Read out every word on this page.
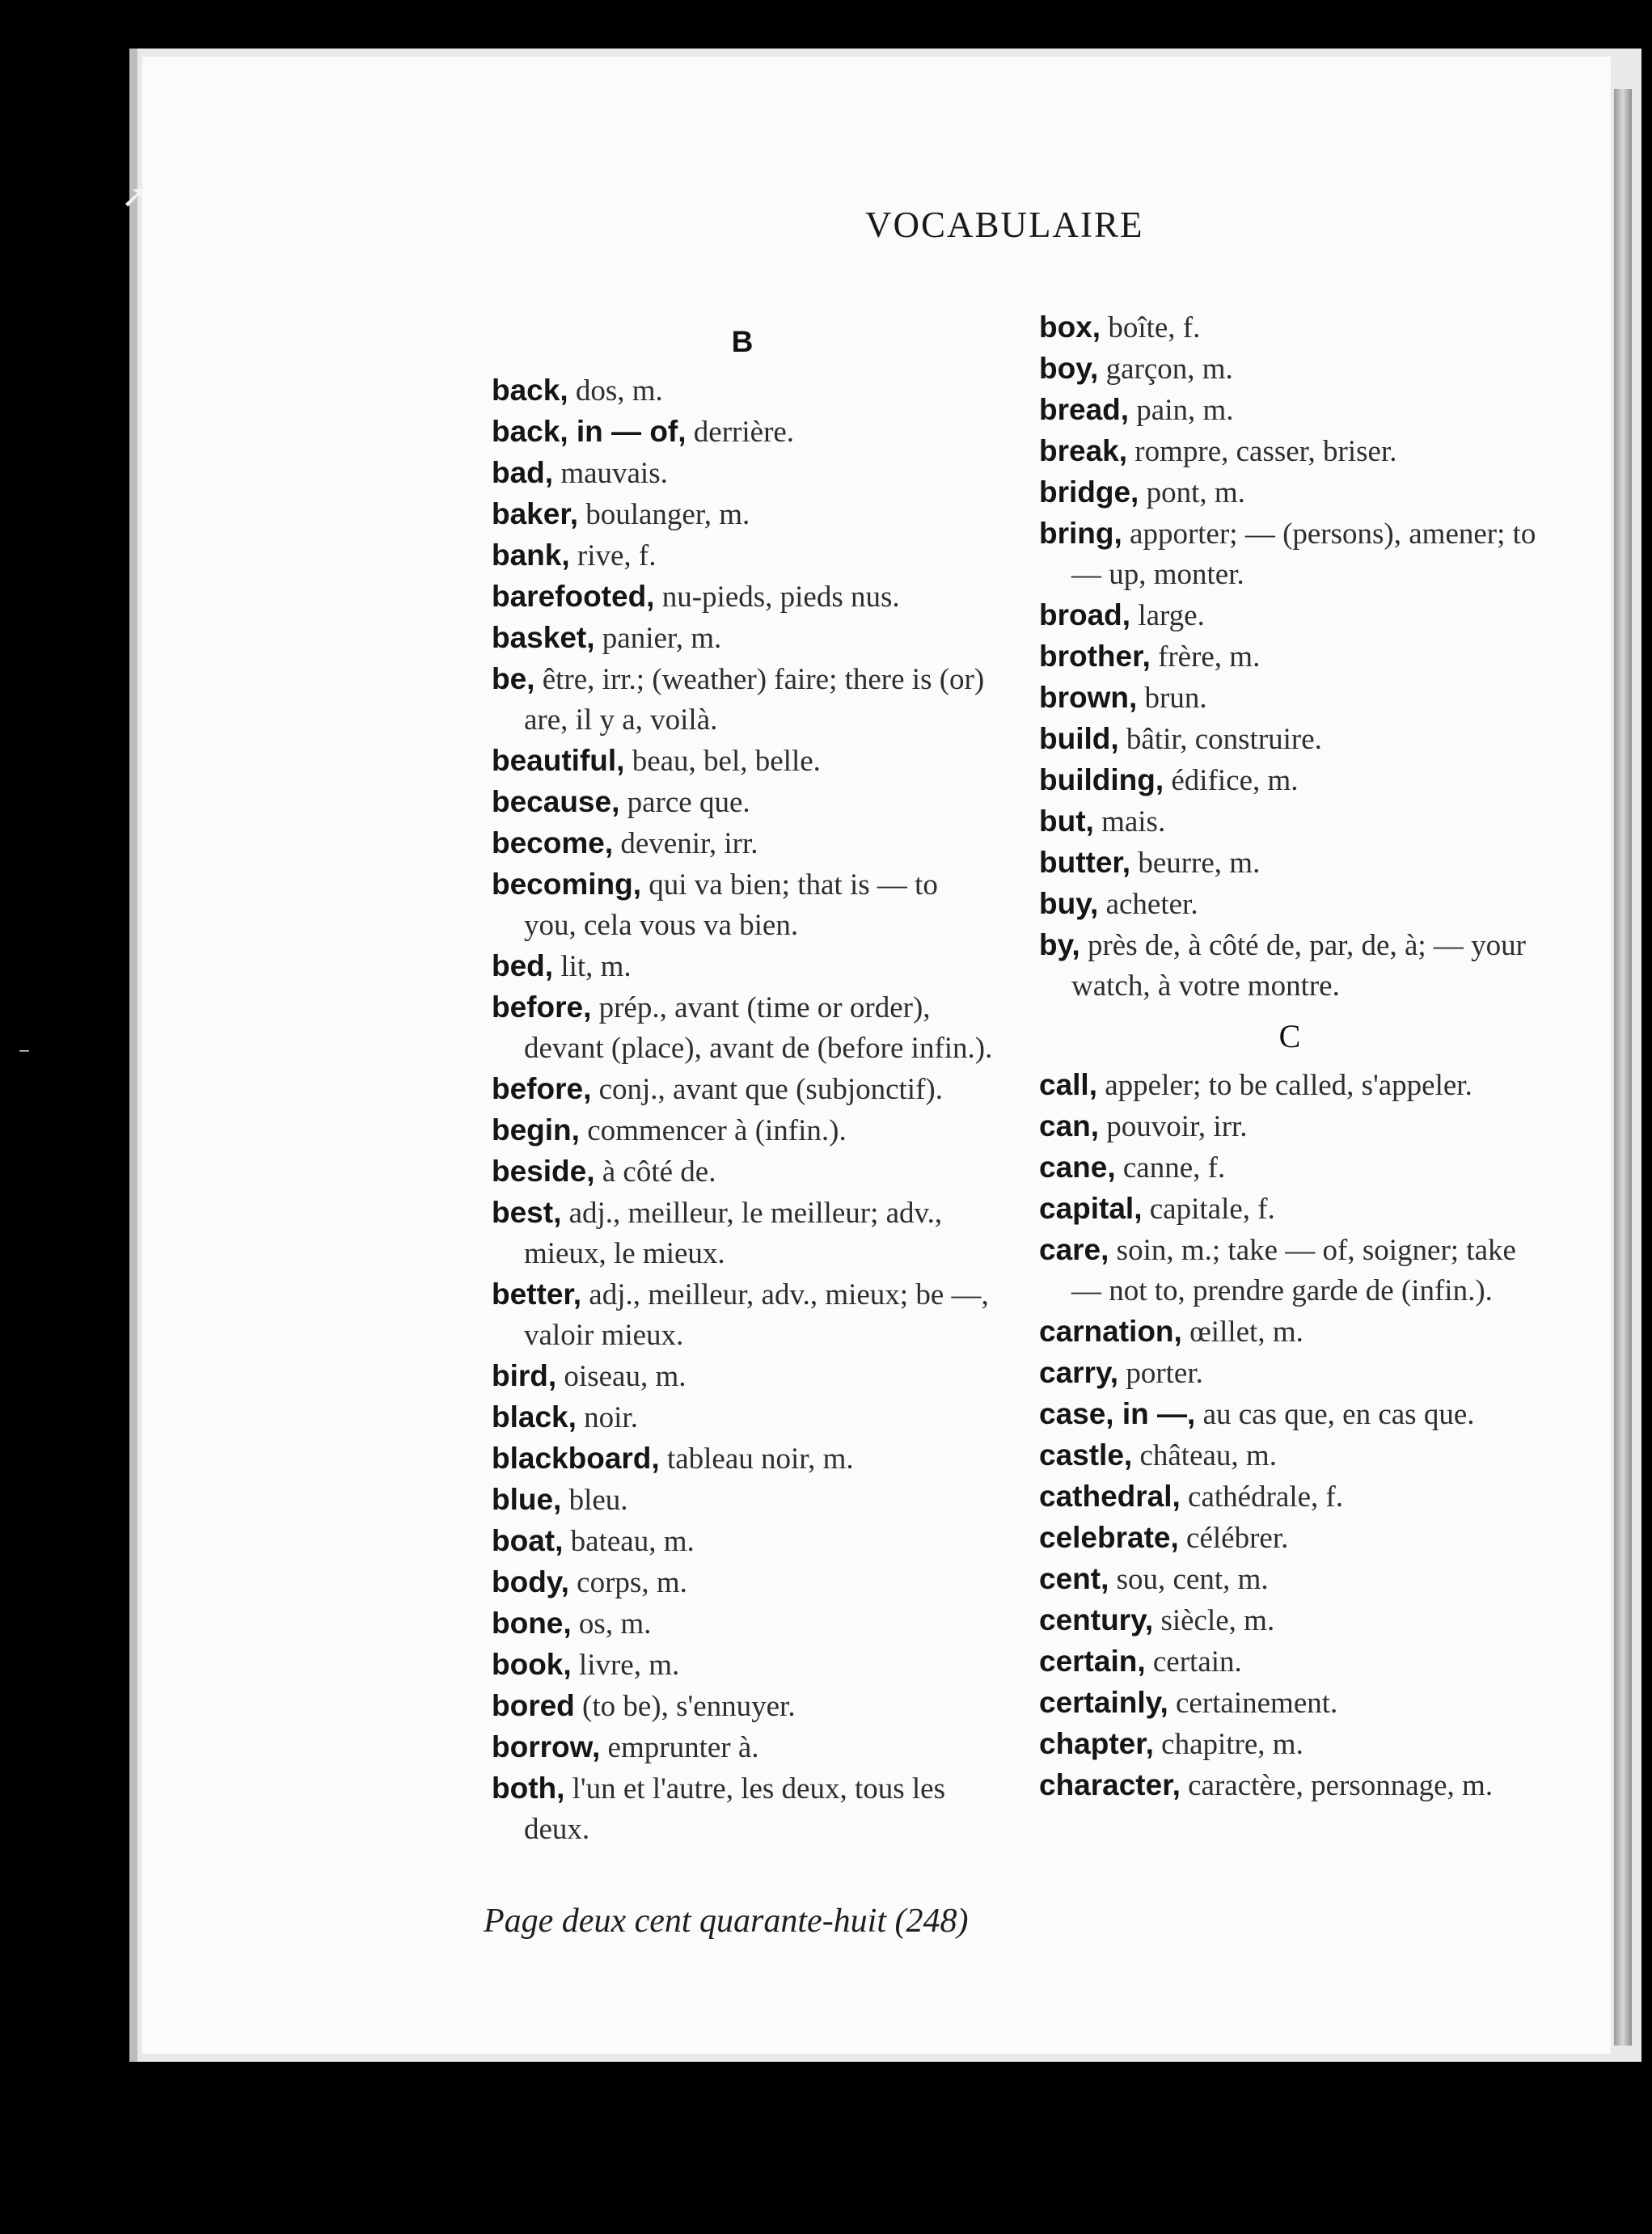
➚
⁻
VOCABULAIRE

B

back, dos, m.

back, in — of, derrière.

bad, mauvais.

baker, boulanger, m.

bank, rive, f.

barefooted, nu-pieds, pieds nus.

basket, panier, m.

be, être, irr.; (weather) faire; there is (or) are, il y a, voilà.

beautiful, beau, bel, belle.

because, parce que.

become, devenir, irr.

becoming, qui va bien; that is — to you, cela vous va bien.

bed, lit, m.

before, prép., avant (time or order), devant (place), avant de (before infin.).

before, conj., avant que (subjonctif).

begin, commencer à (infin.).

beside, à côté de.

best, adj., meilleur, le meilleur; adv., mieux, le mieux.

better, adj., meilleur, adv., mieux; be —, valoir mieux.

bird, oiseau, m.

black, noir.

blackboard, tableau noir, m.

blue, bleu.

boat, bateau, m.

body, corps, m.

bone, os, m.

book, livre, m.

bored (to be), s'ennuyer.

borrow, emprunter à.

both, l'un et l'autre, les deux, tous les deux.

box, boîte, f.

boy, garçon, m.

bread, pain, m.

break, rompre, casser, briser.

bridge, pont, m.

bring, apporter; — (persons), amener; to — up, monter.

broad, large.

brother, frère, m.

brown, brun.

build, bâtir, construire.

building, édifice, m.

but, mais.

butter, beurre, m.

buy, acheter.

by, près de, à côté de, par, de, à; — your watch, à votre montre.

C

call, appeler; to be called, s'appeler.

can, pouvoir, irr.

cane, canne, f.

capital, capitale, f.

care, soin, m.; take — of, soigner; take — not to, prendre garde de (infin.).

carnation, œillet, m.

carry, porter.

case, in —, au cas que, en cas que.

castle, château, m.

cathedral, cathédrale, f.

celebrate, célébrer.

cent, sou, cent, m.

century, siècle, m.

certain, certain.

certainly, certainement.

chapter, chapitre, m.

character, caractère, personnage, m.

Page deux cent quarante-huit (248)
